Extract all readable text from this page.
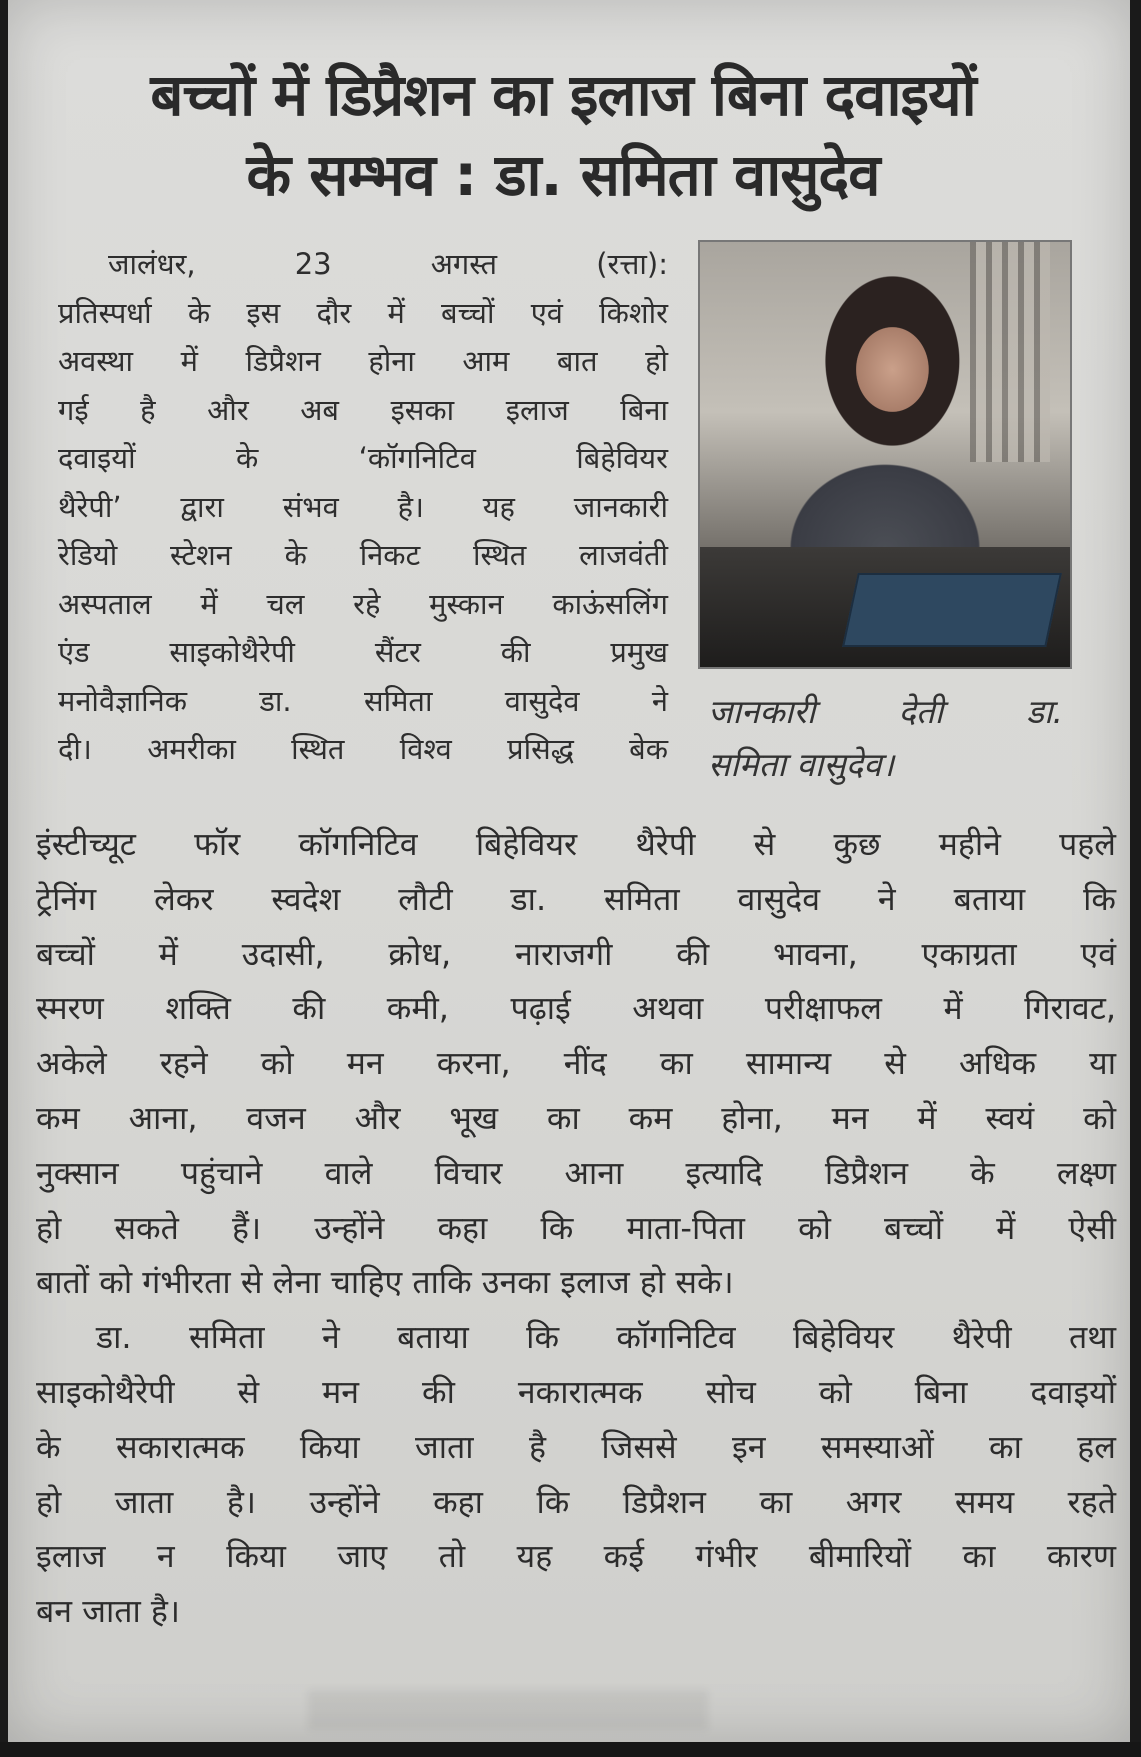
बच्चों में डिप्रैशन का इलाज बिना दवाइयों
के सम्भव : डा. समिता वासुदेव
जालंधर, 23 अगस्त (रत्ता):
प्रतिस्पर्धा के इस दौर में बच्चों एवं किशोर
अवस्था में डिप्रैशन होना आम बात हो
गई है और अब इसका इलाज बिना
दवाइयों के ‘कॉगनिटिव बिहेवियर
थैरेपी’ द्वारा संभव है। यह जानकारी
रेडियो स्टेशन के निकट स्थित लाजवंती
अस्पताल में चल रहे मुस्कान काऊंसलिंग
एंड साइकोथैरेपी सैंटर की प्रमुख
मनोवैज्ञानिक डा. समिता वासुदेव ने
दी। अमरीका स्थित विश्व प्रसिद्ध बेक
जानकारी देती डा.
समिता वासुदेव।
इंस्टीच्यूट फॉर कॉगनिटिव बिहेवियर थैरेपी से कुछ महीने पहले
ट्रेनिंग लेकर स्वदेश लौटी डा. समिता वासुदेव ने बताया कि
बच्चों में उदासी, क्रोध, नाराजगी की भावना, एकाग्रता एवं
स्मरण शक्ति की कमी, पढ़ाई अथवा परीक्षाफल में गिरावट,
अकेले रहने को मन करना, नींद का सामान्य से अधिक या
कम आना, वजन और भूख का कम होना, मन में स्वयं को
नुक्सान पहुंचाने वाले विचार आना इत्यादि डिप्रैशन के लक्ष्ण
हो सकते हैं। उन्होंने कहा कि माता-पिता को बच्चों में ऐसी
बातों को गंभीरता से लेना चाहिए ताकि उनका इलाज हो सके।
डा. समिता ने बताया कि कॉगनिटिव बिहेवियर थैरेपी तथा
साइकोथैरेपी से मन की नकारात्मक सोच को बिना दवाइयों
के सकारात्मक किया जाता है जिससे इन समस्याओं का हल
हो जाता है। उन्होंने कहा कि डिप्रैशन का अगर समय रहते
इलाज न किया जाए तो यह कई गंभीर बीमारियों का कारण
बन जाता है।
